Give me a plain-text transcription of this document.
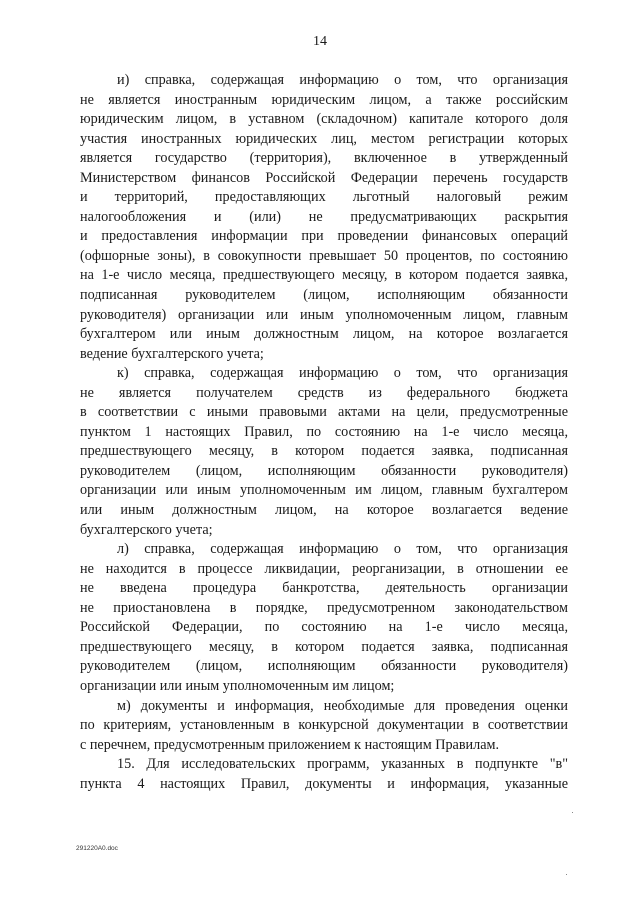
14
и) справка, содержащая информацию о том, что организация
не является иностранным юридическим лицом, а также российским
юридическим лицом, в уставном (складочном) капитале которого доля
участия иностранных юридических лиц, местом регистрации которых
является государство (территория), включенное в утвержденный
Министерством финансов Российской Федерации перечень государств
и территорий, предоставляющих льготный налоговый режим
налогообложения и (или) не предусматривающих раскрытия
и предоставления информации при проведении финансовых операций
(офшорные зоны), в совокупности превышает 50 процентов, по состоянию
на 1-е число месяца, предшествующего месяцу, в котором подается заявка,
подписанная руководителем (лицом, исполняющим обязанности
руководителя) организации или иным уполномоченным лицом, главным
бухгалтером или иным должностным лицом, на которое возлагается
ведение бухгалтерского учета;
к) справка, содержащая информацию о том, что организация
не является получателем средств из федерального бюджета
в соответствии с иными правовыми актами на цели, предусмотренные
пунктом 1 настоящих Правил, по состоянию на 1-е число месяца,
предшествующего месяцу, в котором подается заявка, подписанная
руководителем (лицом, исполняющим обязанности руководителя)
организации или иным уполномоченным им лицом, главным бухгалтером
или иным должностным лицом, на которое возлагается ведение
бухгалтерского учета;
л) справка, содержащая информацию о том, что организация
не находится в процессе ликвидации, реорганизации, в отношении ее
не введена процедура банкротства, деятельность организации
не приостановлена в порядке, предусмотренном законодательством
Российской Федерации, по состоянию на 1-е число месяца,
предшествующего месяцу, в котором подается заявка, подписанная
руководителем (лицом, исполняющим обязанности руководителя)
организации или иным уполномоченным им лицом;
м) документы и информация, необходимые для проведения оценки
по критериям, установленным в конкурсной документации в соответствии
с перечнем, предусмотренным приложением к настоящим Правилам.
15. Для исследовательских программ, указанных в подпункте "в"
пункта 4 настоящих Правил, документы и информация, указанные
291220A0.doc
